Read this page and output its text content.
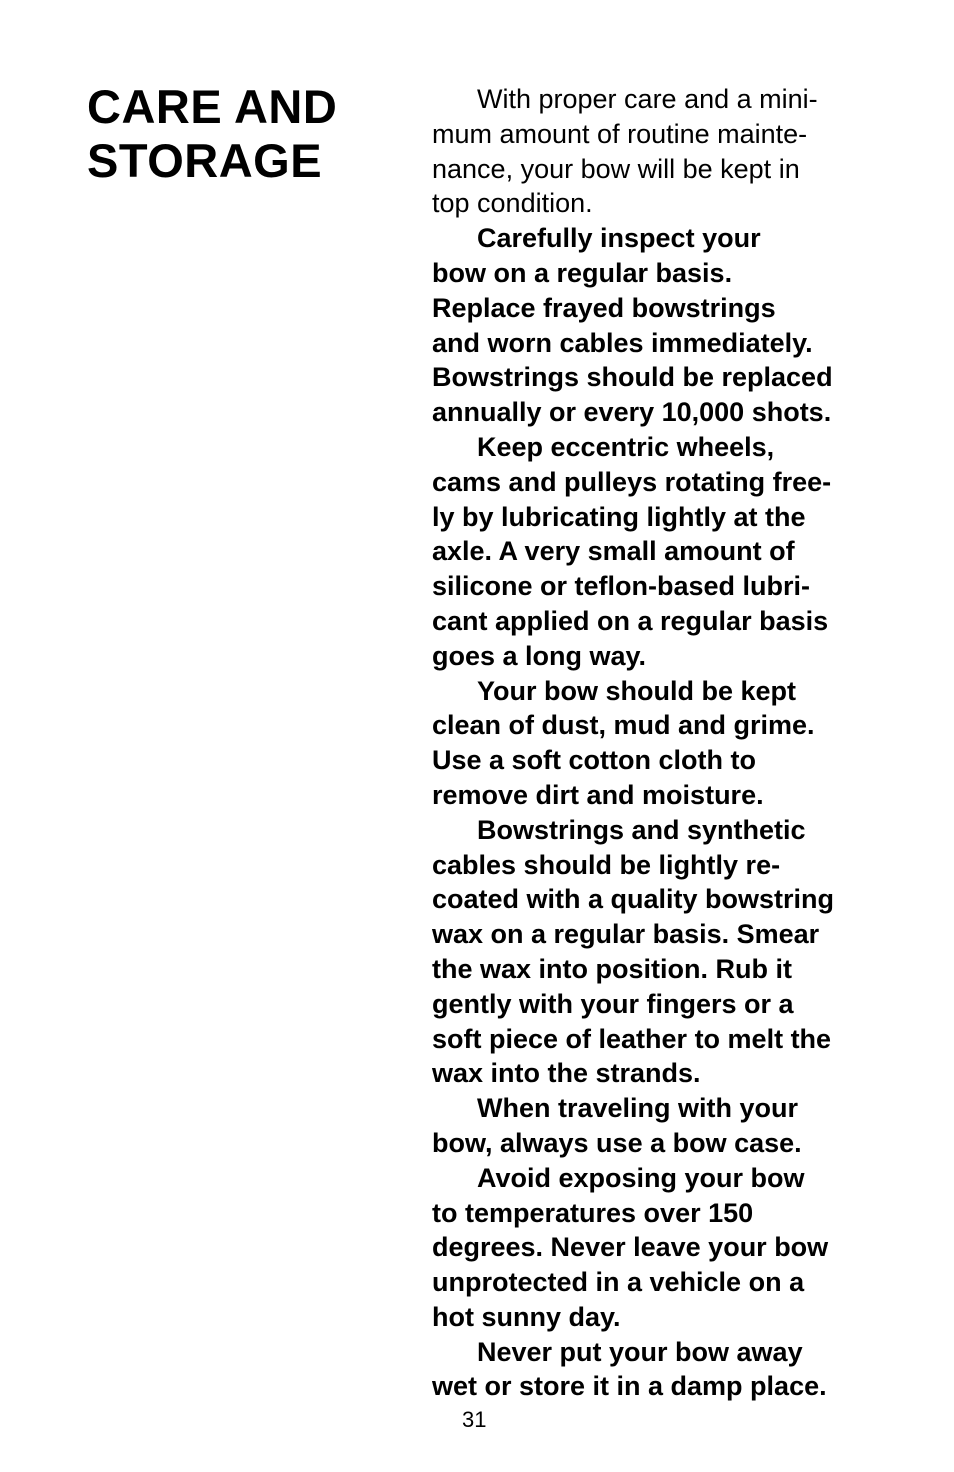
CARE AND
STORAGE

With proper care and a mini-
mum amount of routine mainte-
nance, your bow will be kept in
top condition.

Carefully inspect your
bow on a regular basis.
Replace frayed bowstrings
and worn cables immediately.
Bowstrings should be replaced
annually or every 10,000 shots.

Keep eccentric wheels,
cams and pulleys rotating free-
ly by lubricating lightly at the
axle. A very small amount of
silicone or teflon-based lubri-
cant applied on a regular basis
goes a long way.

Your bow should be kept
clean of dust, mud and grime.
Use a soft cotton cloth to
remove dirt and moisture.

Bowstrings and synthetic
cables should be lightly re-
coated with a quality bowstring
wax on a regular basis. Smear
the wax into position. Rub it
gently with your fingers or a
soft piece of leather to melt the
wax into the strands.

When traveling with your
bow, always use a bow case.

Avoid exposing your bow
to temperatures over 150
degrees. Never leave your bow
unprotected in a vehicle on a
hot sunny day.

Never put your bow away
wet or store it in a damp place.

31
